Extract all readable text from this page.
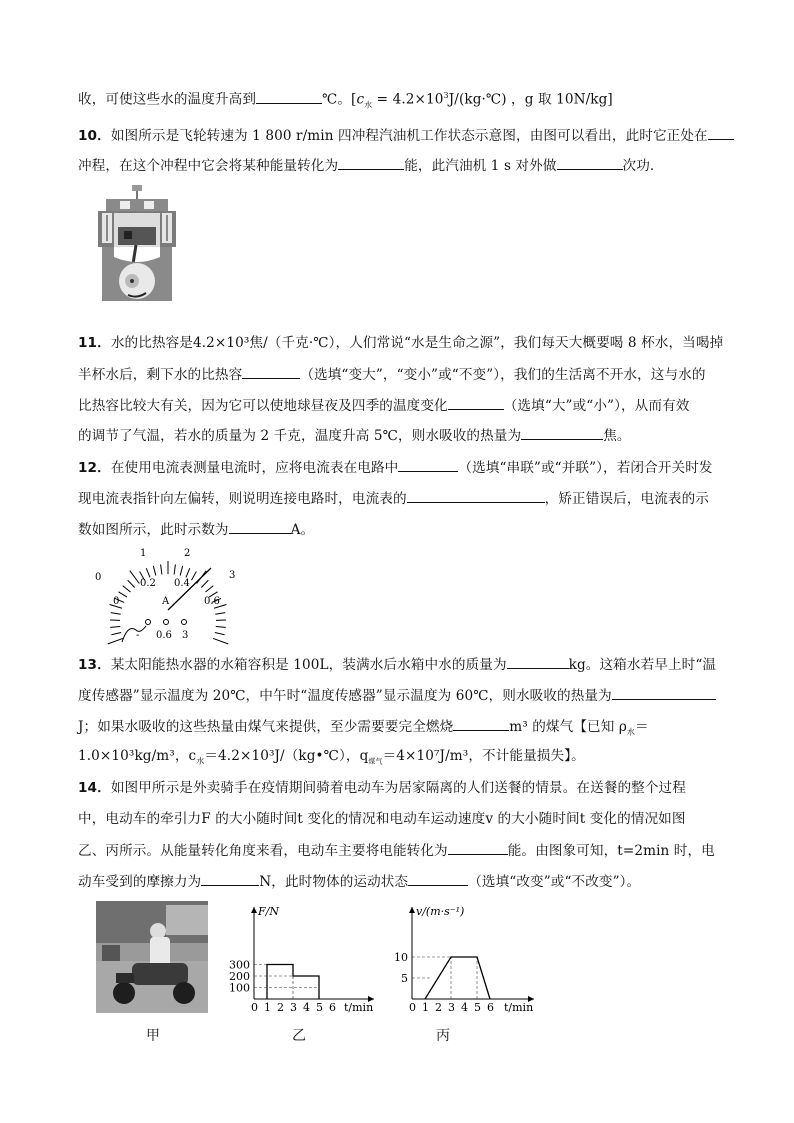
收，可使这些水的温度升高到	℃。[$c_水$ = $4.2\times 10^3J/(kg\cdot℃)$ ，g 取 10N/kg]
10．如图所示是飞轮转速为 1 800 r/min 四冲程汽油机工作状态示意图，由图可以看出，此时它正处在
冲程，在这个冲程中它会将某种能量转化为	能，此汽油机 1 s 对外做	次功．
11．水的比热容是4.2×10³焦/（千克·℃），人们常说“水是生命之源”，我们每天大概要喝 8 杯水，当喝掉
半杯水后，剩下水的比热容	（选填“变大”，“变小”或“不变”），我们的生活离不开水，这与水的
比热容比较大有关，因为它可以使地球昼夜及四季的温度变化	（选填“大”或“小”），从而有效
的调节了气温，若水的质量为 2 千克，温度升高 5℃，则水吸收的热量为	焦。
12．在使用电流表测量电流时，应将电流表在电路中	（选填“串联”或“并联”），若闭合开关时发
现电流表指针向左偏转，则说明连接电路时，电流表的	，矫正错误后，电流表的示
数如图所示，此时示数为	A。
0
1	2
3
0
0.2 0.4
0.6
A
- 0.6 3
13．某太阳能热水器的水箱容积是 100L，装满水后水箱中水的质量为	kg。这箱水若早上时“温
度传感器”显示温度为 20℃，中午时“温度传感器”显示温度为 60℃，则水吸收的热量为
J；如果水吸收的这些热量由煤气来提供，至少需要要完全燃烧	m³ 的煤气【已知 $\rho_水=$
1.0×10³kg/m³，$c_水=4.2\times 10^3J/(kg•℃)$，$q_{煤气}=4\times 10^7J/m^3$，不计能量损失】。
14．如图甲所示是外卖骑手在疫情期间骑着电动车为居家隔离的人们送餐的情景。在送餐的整个过程
中，电动车的牵引力F 的大小随时间t 变化的情况和电动车运动速度v 的大小随时间t 变化的情况如图
乙、丙所示。从能量转化角度来看，电动车主要将电能转化为	能。由图象可知，t=2min 时，电
动车受到的摩擦力为	N，此时物体的运动状态	（选填“改变”或“不改变”）。
F/N
t/min
0 1 2 3 4 5 6
100
200
300
v/(m·s⁻¹)
t/min
0 1 2 3 4 5 6
5
10
甲	乙	丙
